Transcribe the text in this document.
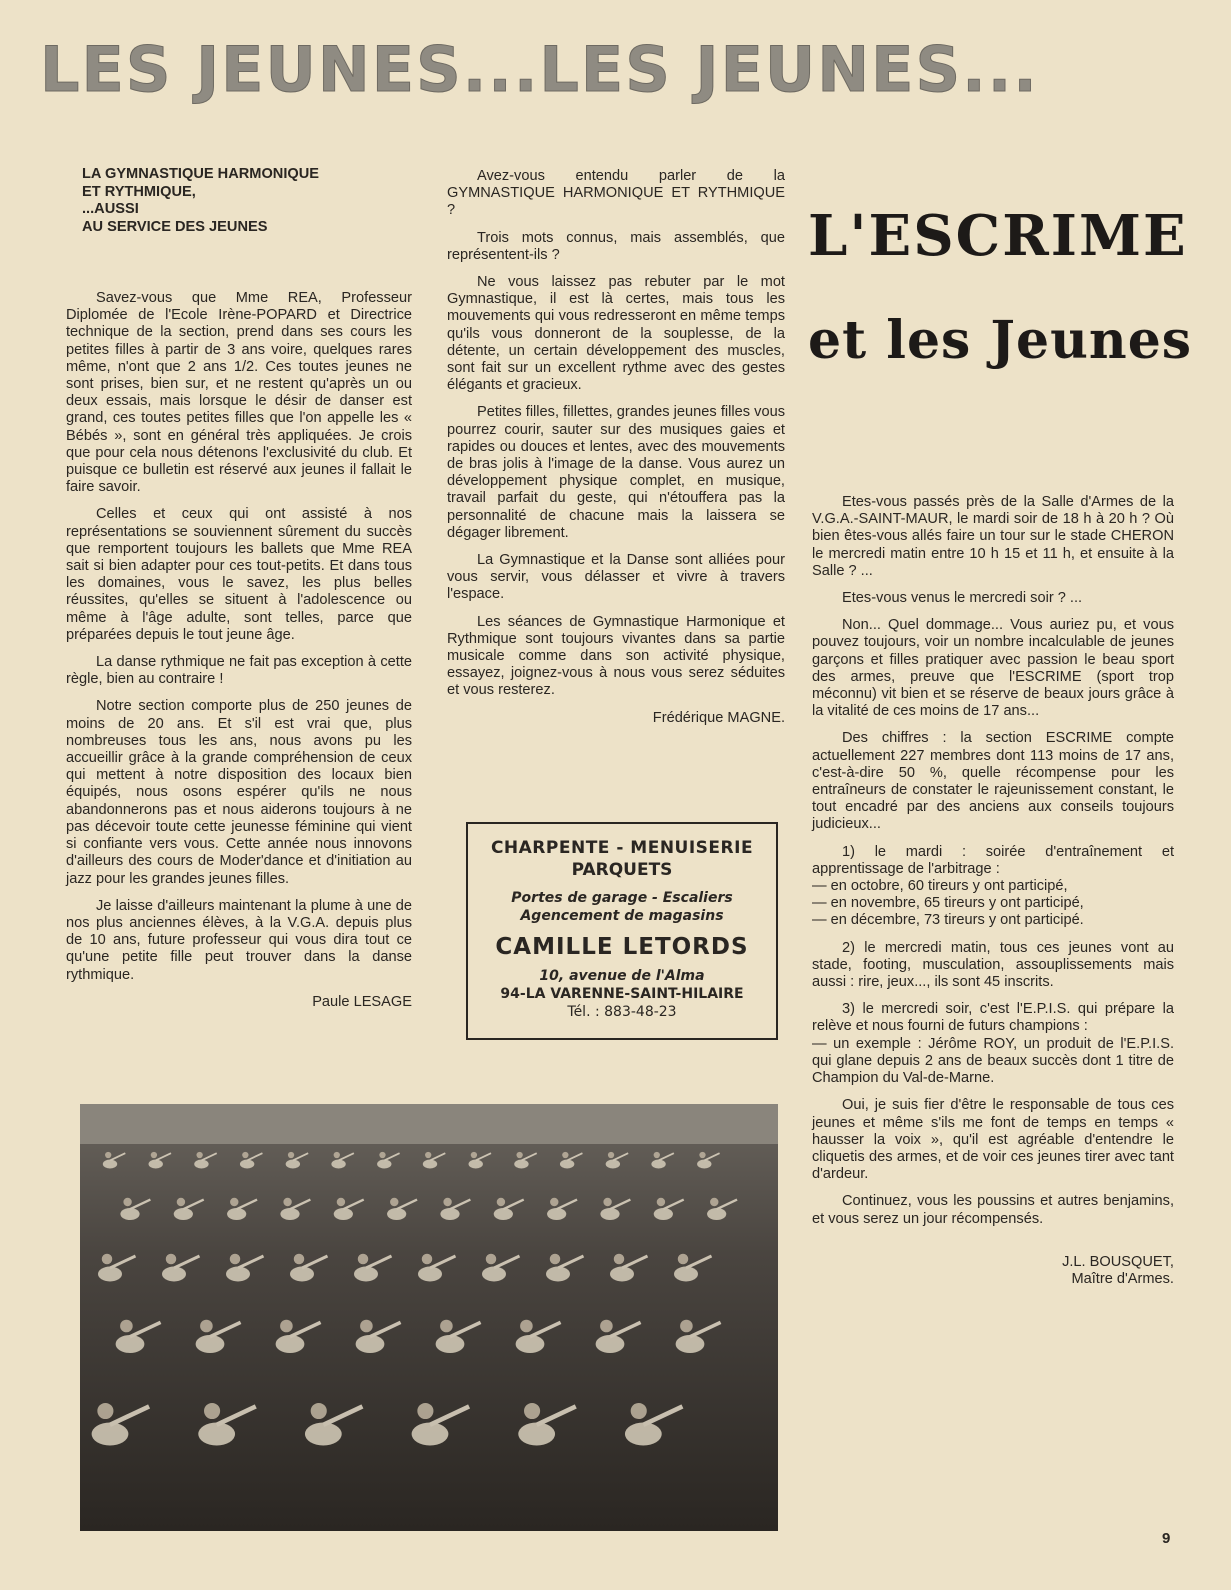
LES JEUNES...LES JEUNES...
LA GYMNASTIQUE HARMONIQUE
ET RYTHMIQUE,
...AUSSI
AU SERVICE DES JEUNES

Savez-vous que Mme REA, Professeur Diplomée de l'Ecole Irène-POPARD et Directrice technique de la section, prend dans ses cours les petites filles à partir de 3 ans voire, quelques rares même, n'ont que 2 ans 1/2. Ces toutes jeunes ne sont prises, bien sur, et ne restent qu'après un ou deux essais, mais lorsque le désir de danser est grand, ces toutes petites filles que l'on appelle les « Bébés », sont en général très appliquées. Je crois que pour cela nous détenons l'exclusivité du club. Et puisque ce bulletin est réservé aux jeunes il fallait le faire savoir.

Celles et ceux qui ont assisté à nos représentations se souviennent sûrement du succès que remportent toujours les ballets que Mme REA sait si bien adapter pour ces tout-petits. Et dans tous les domaines, vous le savez, les plus belles réussites, qu'elles se situent à l'adolescence ou même à l'âge adulte, sont telles, parce que préparées depuis le tout jeune âge.

La danse rythmique ne fait pas exception à cette règle, bien au contraire !

Notre section comporte plus de 250 jeunes de moins de 20 ans. Et s'il est vrai que, plus nombreuses tous les ans, nous avons pu les accueillir grâce à la grande compréhension de ceux qui mettent à notre disposition des locaux bien équipés, nous osons espérer qu'ils ne nous abandonnerons pas et nous aiderons toujours à ne pas décevoir toute cette jeunesse féminine qui vient si confiante vers vous. Cette année nous innovons d'ailleurs des cours de Moder'dance et d'initiation au jazz pour les grandes jeunes filles.

Je laisse d'ailleurs maintenant la plume à une de nos plus anciennes élèves, à la V.G.A. depuis plus de 10 ans, future professeur qui vous dira tout ce qu'une petite fille peut trouver dans la danse rythmique.

Paule LESAGE

Avez-vous entendu parler de la GYMNASTIQUE HARMONIQUE ET RYTHMIQUE ?

Trois mots connus, mais assemblés, que représentent-ils ?

Ne vous laissez pas rebuter par le mot Gymnastique, il est là certes, mais tous les mouvements qui vous redresseront en même temps qu'ils vous donneront de la souplesse, de la détente, un certain développement des muscles, sont fait sur un excellent rythme avec des gestes élégants et gracieux.

Petites filles, fillettes, grandes jeunes filles vous pourrez courir, sauter sur des musiques gaies et rapides ou douces et lentes, avec des mouvements de bras jolis à l'image de la danse. Vous aurez un développement physique complet, en musique, travail parfait du geste, qui n'étouffera pas la personnalité de chacune mais la laissera se dégager librement.

La Gymnastique et la Danse sont alliées pour vous servir, vous délasser et vivre à travers l'espace.

Les séances de Gymnastique Harmonique et Rythmique sont toujours vivantes dans sa partie musicale comme dans son activité physique, essayez, joignez-vous à nous vous serez séduites et vous resterez.

Frédérique MAGNE.

CHARPENTE - MENUISERIE
PARQUETS
Portes de garage - Escaliers
Agencement de magasins
CAMILLE LETORDS
10, avenue de l'Alma
94-LA VARENNE-SAINT-HILAIRE
Tél. : 883-48-23
L'ESCRIME
et les Jeunes

Etes-vous passés près de la Salle d'Armes de la V.G.A.-SAINT-MAUR, le mardi soir de 18 h à 20 h ? Où bien êtes-vous allés faire un tour sur le stade CHERON le mercredi matin entre 10 h 15 et 11 h, et ensuite à la Salle ? ...

Etes-vous venus le mercredi soir ? ...

Non... Quel dommage... Vous auriez pu, et vous pouvez toujours, voir un nombre incalculable de jeunes garçons et filles pratiquer avec passion le beau sport des armes, preuve que l'ESCRIME (sport trop méconnu) vit bien et se réserve de beaux jours grâce à la vitalité de ces moins de 17 ans...

Des chiffres : la section ESCRIME compte actuellement 227 membres dont 113 moins de 17 ans, c'est-à-dire 50 %, quelle récompense pour les entraîneurs de constater le rajeunissement constant, le tout encadré par des anciens aux conseils toujours judicieux...

1) le mardi : soirée d'entraînement et apprentissage de l'arbitrage :
— en octobre, 60 tireurs y ont participé,
— en novembre, 65 tireurs y ont participé,
— en décembre, 73 tireurs y ont participé.

2) le mercredi matin, tous ces jeunes vont au stade, footing, musculation, assouplissements mais aussi : rire, jeux..., ils sont 45 inscrits.

3) le mercredi soir, c'est l'E.P.I.S. qui prépare la relève et nous fourni de futurs champions :
— un exemple : Jérôme ROY, un produit de l'E.P.I.S. qui glane depuis 2 ans de beaux succès dont 1 titre de Champion du Val-de-Marne.

Oui, je suis fier d'être le responsable de tous ces jeunes et même s'ils me font de temps en temps « hausser la voix », qu'il est agréable d'entendre le cliquetis des armes, et de voir ces jeunes tirer avec tant d'ardeur.

Continuez, vous les poussins et autres benjamins, et vous serez un jour récompensés.

J.L. BOUSQUET,
Maître d'Armes.

9
